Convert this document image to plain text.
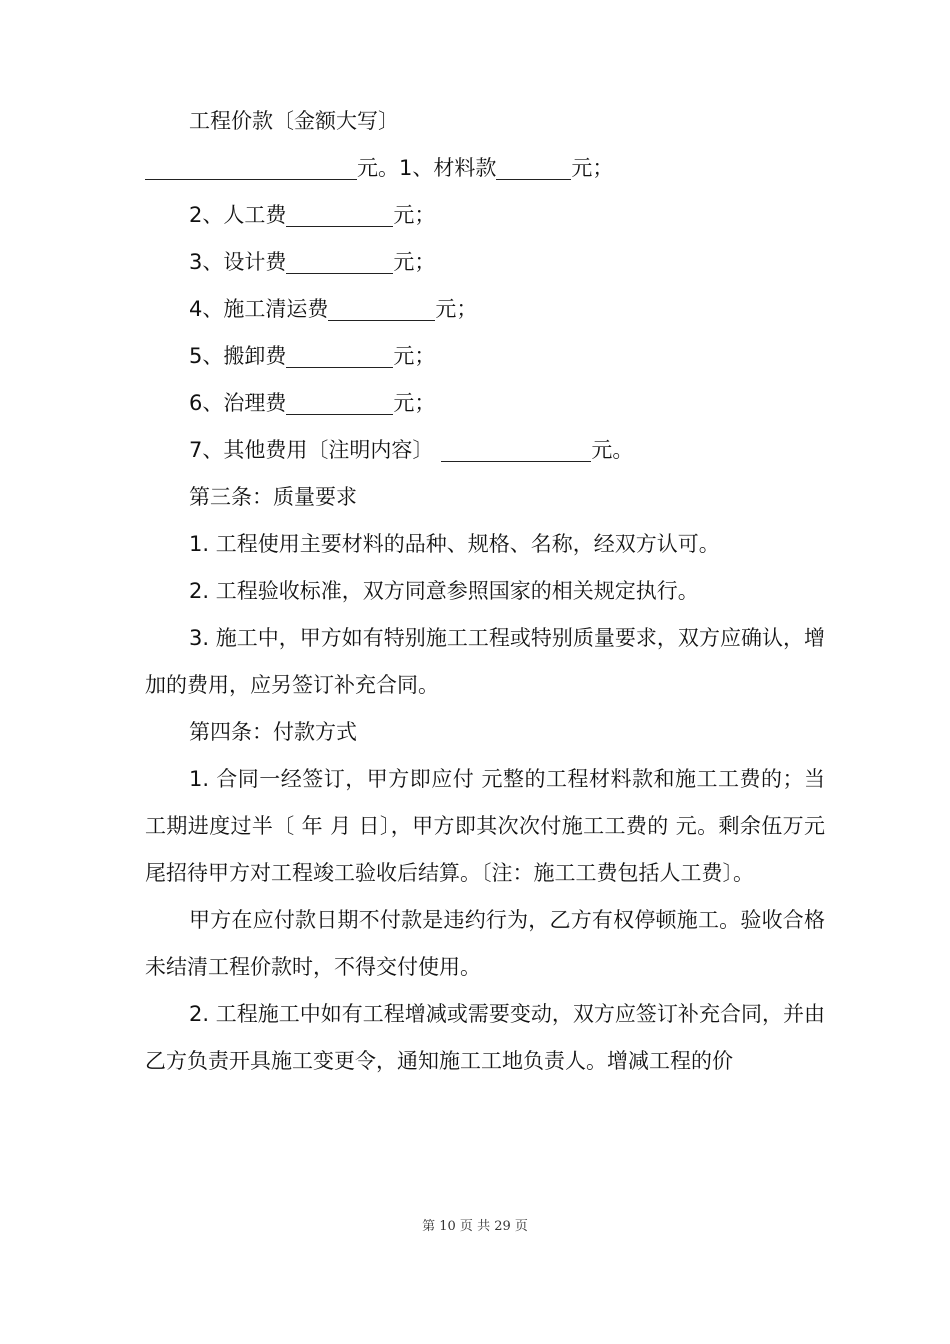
工程价款〔金额大写〕

元。1、材料款	元；

2、人工费	元；

3、设计费	元；

4、施工清运费	元；

5、搬卸费	元；

6、治理费	元；

7、其他费用〔注明内容〕	元。

第三条：质量要求

1. 工程使用主要材料的品种、规格、名称，经双方认可。

2. 工程验收标准，双方同意参照国家的相关规定执行。

3. 施工中，甲方如有特别施工工程或特别质量要求，双方应确认，增加的费用，应另签订补充合同。

第四条：付款方式

1. 合同一经签订，甲方即应付 元整的工程材料款和施工工费的；当工期进度过半〔 年 月 日〕，甲方即其次次付施工工费的 元。剩余伍万元尾招待甲方对工程竣工验收后结算。〔注：施工工费包括人工费〕。

甲方在应付款日期不付款是违约行为，乙方有权停顿施工。验收合格未结清工程价款时，不得交付使用。

2. 工程施工中如有工程增减或需要变动，双方应签订补充合同，并由乙方负责开具施工变更令，通知施工工地负责人。增减工程的价

第 10 页 共 29 页
